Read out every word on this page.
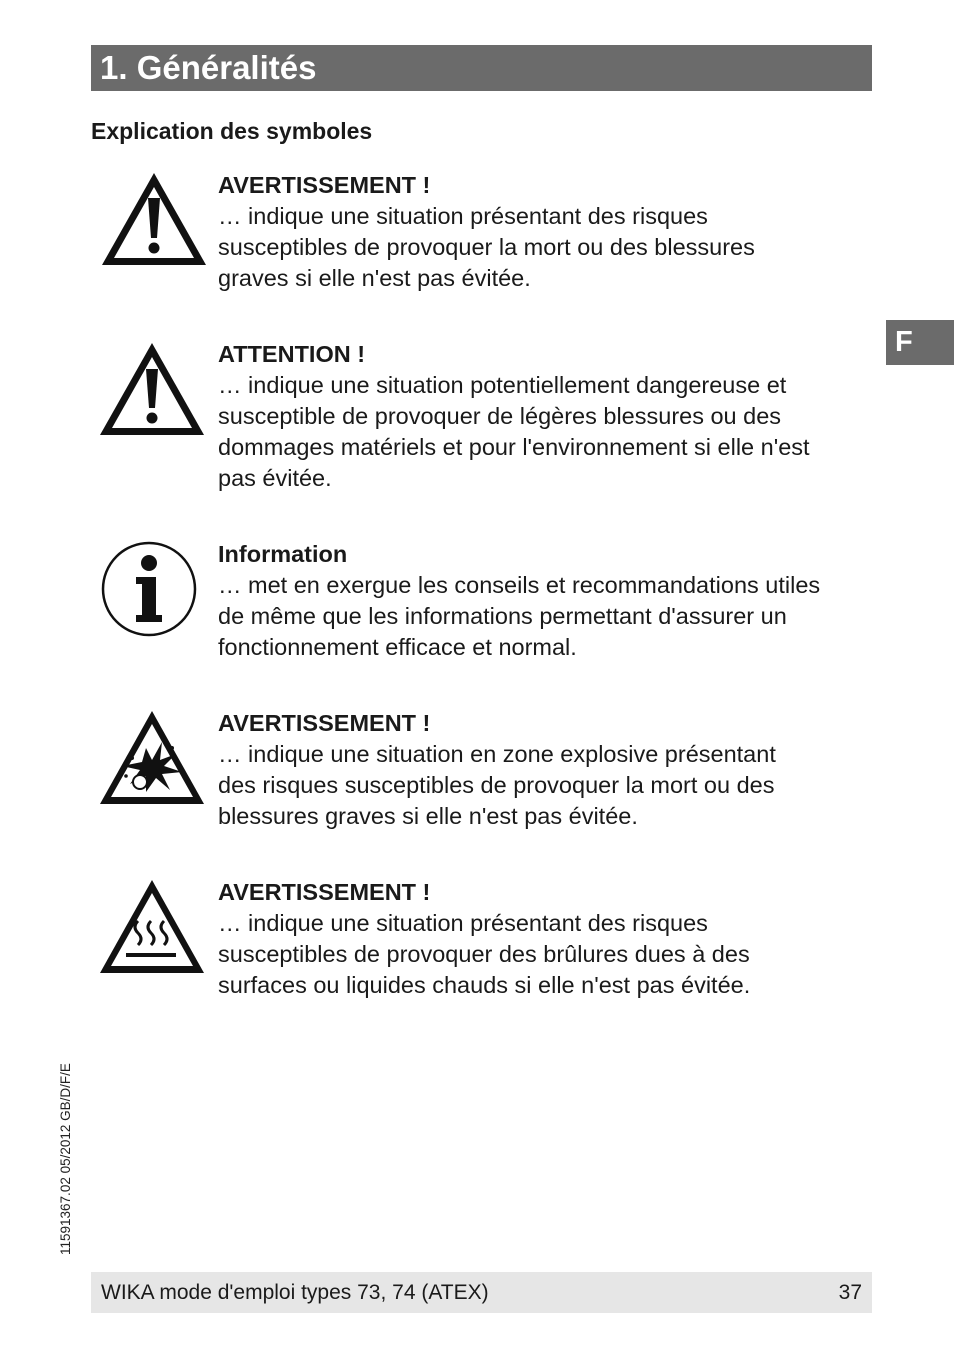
1. Généralités
F
Explication des symboles
AVERTISSEMENT !
… indique une situation présentant des risques
susceptibles de provoquer la mort ou des blessures
graves si elle n'est pas évitée.
ATTENTION !
… indique une situation potentiellement dangereuse et
susceptible de provoquer de légères blessures ou des
dommages matériels et pour l'environnement si elle n'est
pas évitée.
Information
… met en exergue les conseils et recommandations utiles
de même que les informations permettant d'assurer un
fonctionnement efficace et normal.
AVERTISSEMENT !
… indique une situation en zone explosive présentant
des risques susceptibles de provoquer la mort ou des
blessures graves si elle n'est pas évitée.
AVERTISSEMENT !
… indique une situation présentant des risques
susceptibles de provoquer des brûlures dues à des
surfaces ou liquides chauds si elle n'est pas évitée.
11591367.02 05/2012 GB/D/F/E
WIKA mode d'emploi types 73, 74 (ATEX)	37
